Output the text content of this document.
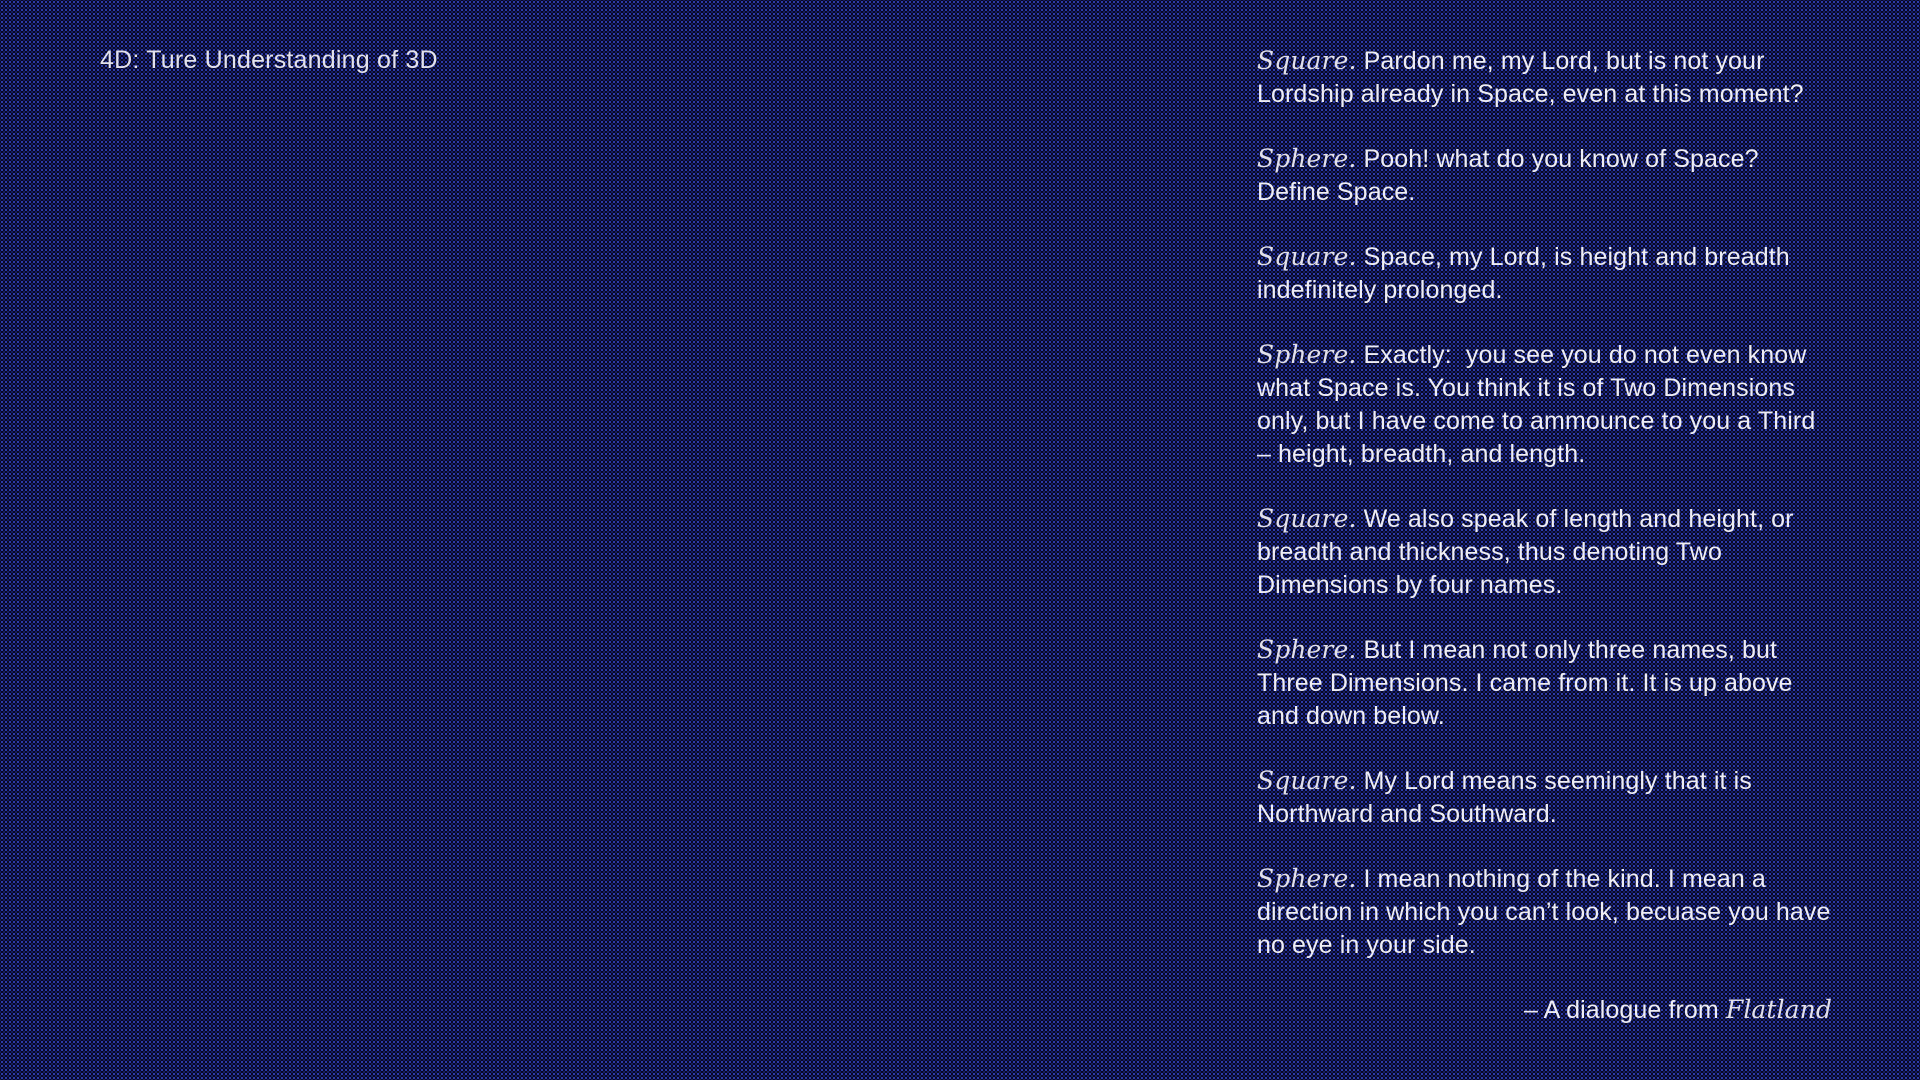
4D: Ture Understanding of 3D	Square. Pardon me, my Lord, but is not your Lordship already in Space, even at this moment?

Sphere. Pooh! what do you know of Space? Define Space.

Square. Space, my Lord, is height and breadth indefinitely prolonged.

Sphere. Exactly:  you see you do not even know what Space is. You think it is of Two Dimensions only, but I have come to ammounce to you a Third – height, breadth, and length.

Square. We also speak of length and height, or breadth and thickness, thus denoting Two Dimensions by four names.

Sphere. But I mean not only three names, but Three Dimensions. I came from it. It is up above and down below.

Square. My Lord means seemingly that it is Northward and Southward.

Sphere. I mean nothing of the kind. I mean a direction in which you can’t look, becuase you have no eye in your side.

– A dialogue from Flatland
